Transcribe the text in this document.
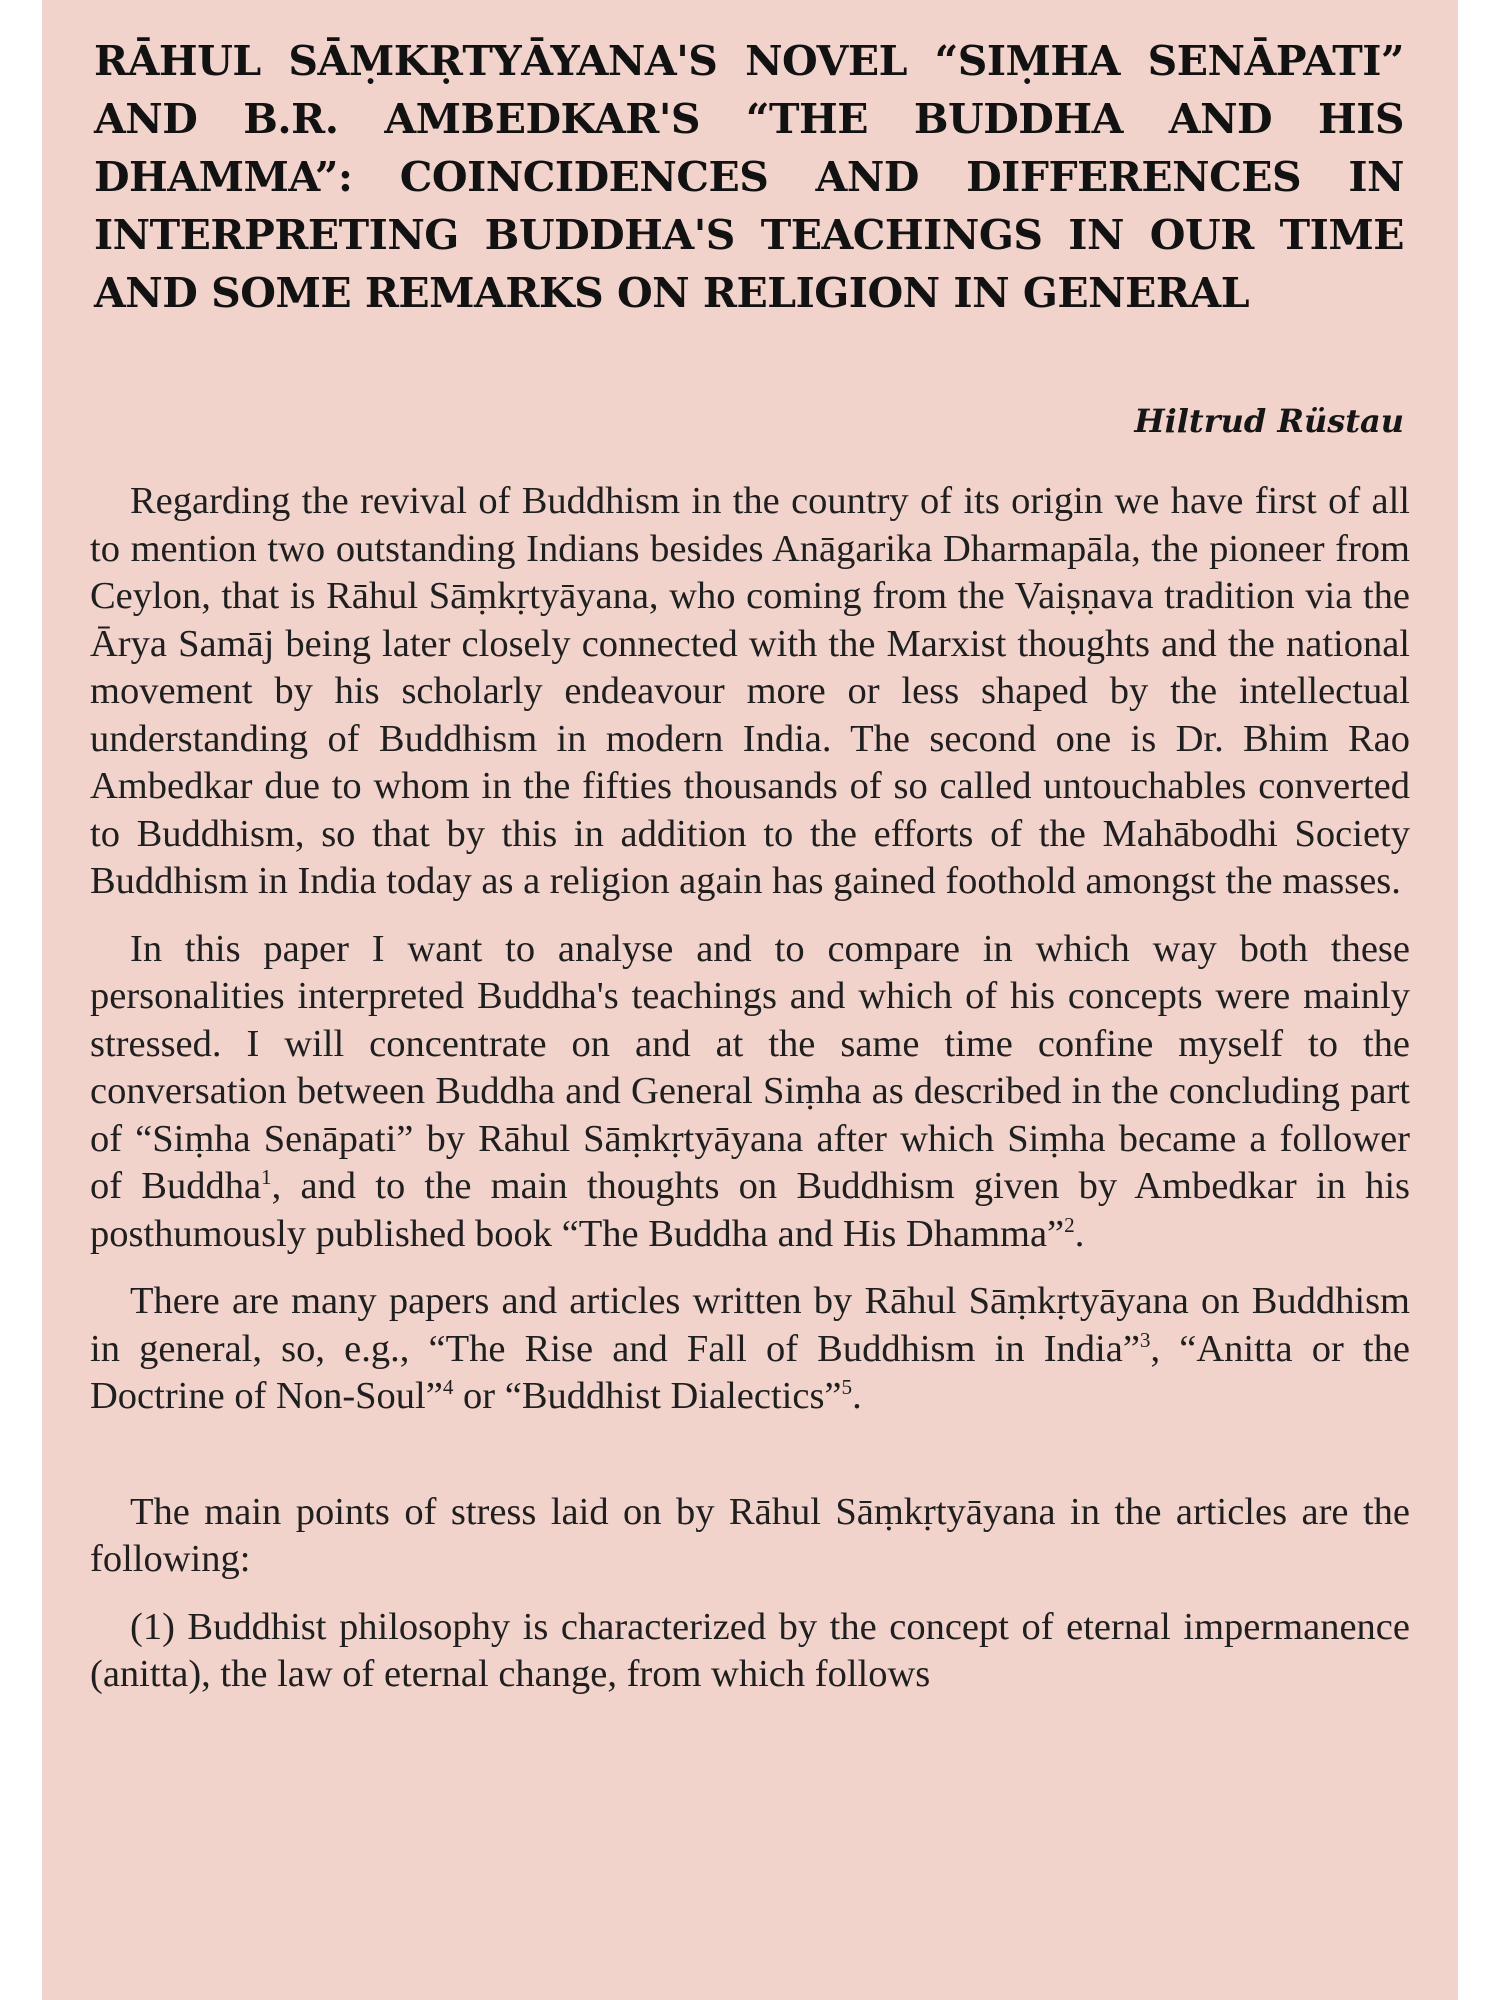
RĀHUL SĀṂKṚTYĀYANA'S NOVEL “SIṂHA SENĀPATI” AND B.R. AMBEDKAR'S “THE BUDDHA AND HIS DHAMMA”: COINCIDENCES AND DIFFERENCES IN INTERPRETING BUDDHA'S TEACHINGS IN OUR TIME AND SOME REMARKS ON RELIGION IN GENERAL
Hiltrud Rüstau

Regarding the revival of Buddhism in the country of its origin we have first of all to mention two outstanding Indians besides Anāgarika Dharmapāla, the pioneer from Ceylon, that is Rāhul Sāṃkṛtyāyana, who coming from the Vaiṣṇava tradition via the Ārya Samāj being later closely connected with the Marxist thoughts and the national movement by his scholarly endeavour more or less shaped by the intellectual understanding of Buddhism in modern India. The second one is Dr. Bhim Rao Ambedkar due to whom in the fifties thousands of so called untouchables converted to Buddhism, so that by this in addition to the efforts of the Mahābodhi Society Buddhism in India today as a religion again has gained foothold amongst the masses.

In this paper I want to analyse and to compare in which way both these personalities interpreted Buddha's teachings and which of his concepts were mainly stressed. I will concentrate on and at the same time confine myself to the conversation between Buddha and General Siṃha as described in the concluding part of “Siṃha Senāpati” by Rāhul Sāṃkṛtyāyana after which Siṃha became a follower of Buddha$^1$, and to the main thoughts on Buddhism given by Ambedkar in his posthumously published book “The Buddha and His Dhamma”$^2$.

There are many papers and articles written by Rāhul Sāṃkṛtyāyana on Buddhism in general, so, e.g., “The Rise and Fall of Buddhism in India”$^3$, “Anitta or the Doctrine of Non-Soul”$^4$ or “Buddhist Dialectics”$^5$.

The main points of stress laid on by Rāhul Sāṃkṛtyāyana in the articles are the following:

(1) Buddhist philosophy is characterized by the concept of eternal impermanence (anitta), the law of eternal change, from which follows
